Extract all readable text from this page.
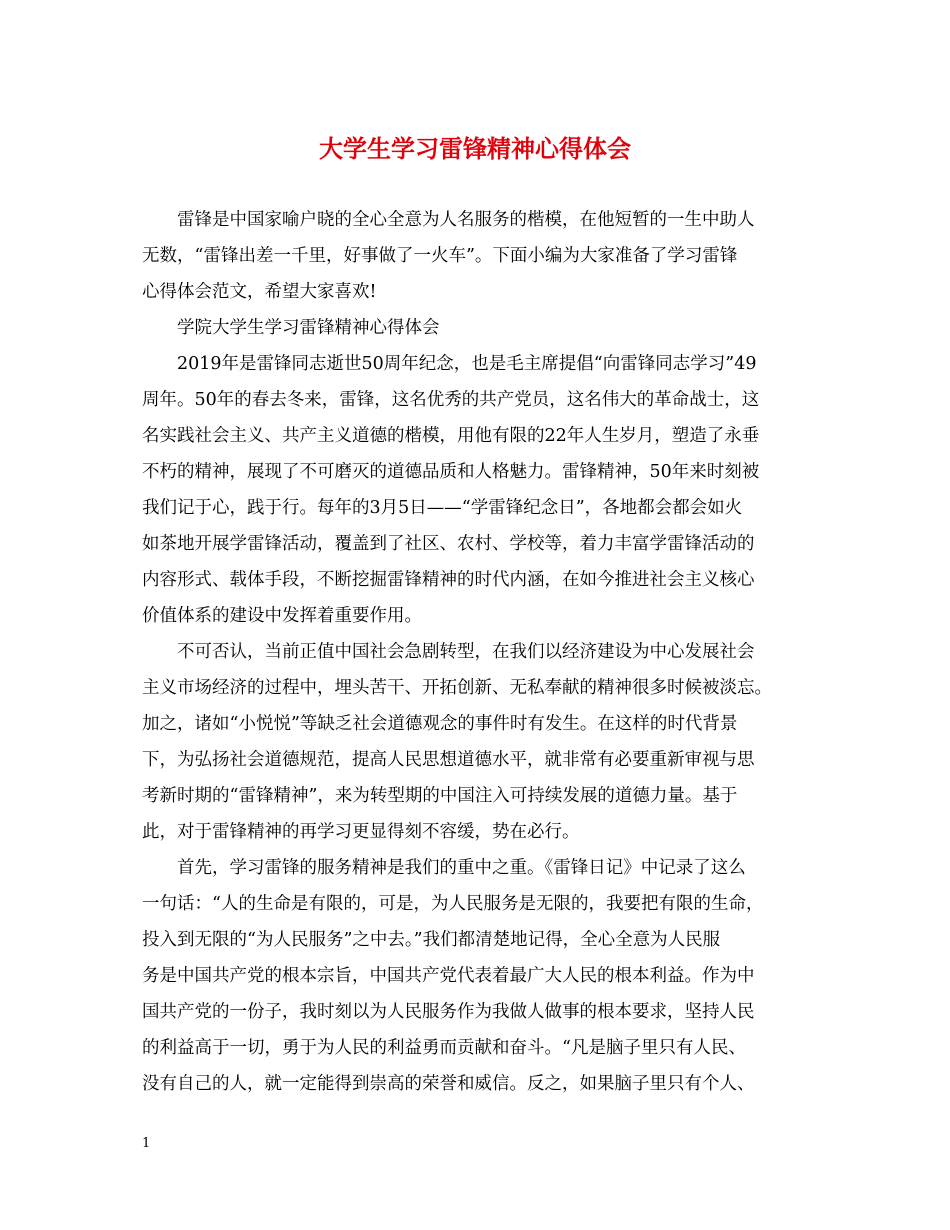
大学生学习雷锋精神心得体会
雷锋是中国家喻户晓的全心全意为人名服务的楷模，在他短暂的一生中助人
无数，“雷锋出差一千里，好事做了一火车”。下面小编为大家准备了学习雷锋
心得体会范文，希望大家喜欢!
学院大学生学习雷锋精神心得体会
2019年是雷锋同志逝世50周年纪念，也是毛主席提倡“向雷锋同志学习”49
周年。50年的春去冬来，雷锋，这名优秀的共产党员，这名伟大的革命战士，这
名实践社会主义、共产主义道德的楷模，用他有限的22年人生岁月，塑造了永垂
不朽的精神，展现了不可磨灭的道德品质和人格魅力。雷锋精神，50年来时刻被
我们记于心，践于行。每年的3月5日——“学雷锋纪念日”，各地都会都会如火
如茶地开展学雷锋活动，覆盖到了社区、农村、学校等，着力丰富学雷锋活动的
内容形式、载体手段，不断挖掘雷锋精神的时代内涵，在如今推进社会主义核心
价值体系的建设中发挥着重要作用。
不可否认，当前正值中国社会急剧转型，在我们以经济建设为中心发展社会
主义市场经济的过程中，埋头苦干、开拓创新、无私奉献的精神很多时候被淡忘。
加之，诸如“小悦悦”等缺乏社会道德观念的事件时有发生。在这样的时代背景
下，为弘扬社会道德规范，提高人民思想道德水平，就非常有必要重新审视与思
考新时期的“雷锋精神”，来为转型期的中国注入可持续发展的道德力量。基于
此，对于雷锋精神的再学习更显得刻不容缓，势在必行。
首先，学习雷锋的服务精神是我们的重中之重。《雷锋日记》中记录了这么
一句话：“人的生命是有限的，可是，为人民服务是无限的，我要把有限的生命，
投入到无限的“为人民服务”之中去。”我们都清楚地记得，全心全意为人民服
务是中国共产党的根本宗旨，中国共产党代表着最广大人民的根本利益。作为中
国共产党的一份子，我时刻以为人民服务作为我做人做事的根本要求，坚持人民
的利益高于一切，勇于为人民的利益勇而贡献和奋斗。“凡是脑子里只有人民、
没有自己的人，就一定能得到崇高的荣誉和威信。反之，如果脑子里只有个人、
1
